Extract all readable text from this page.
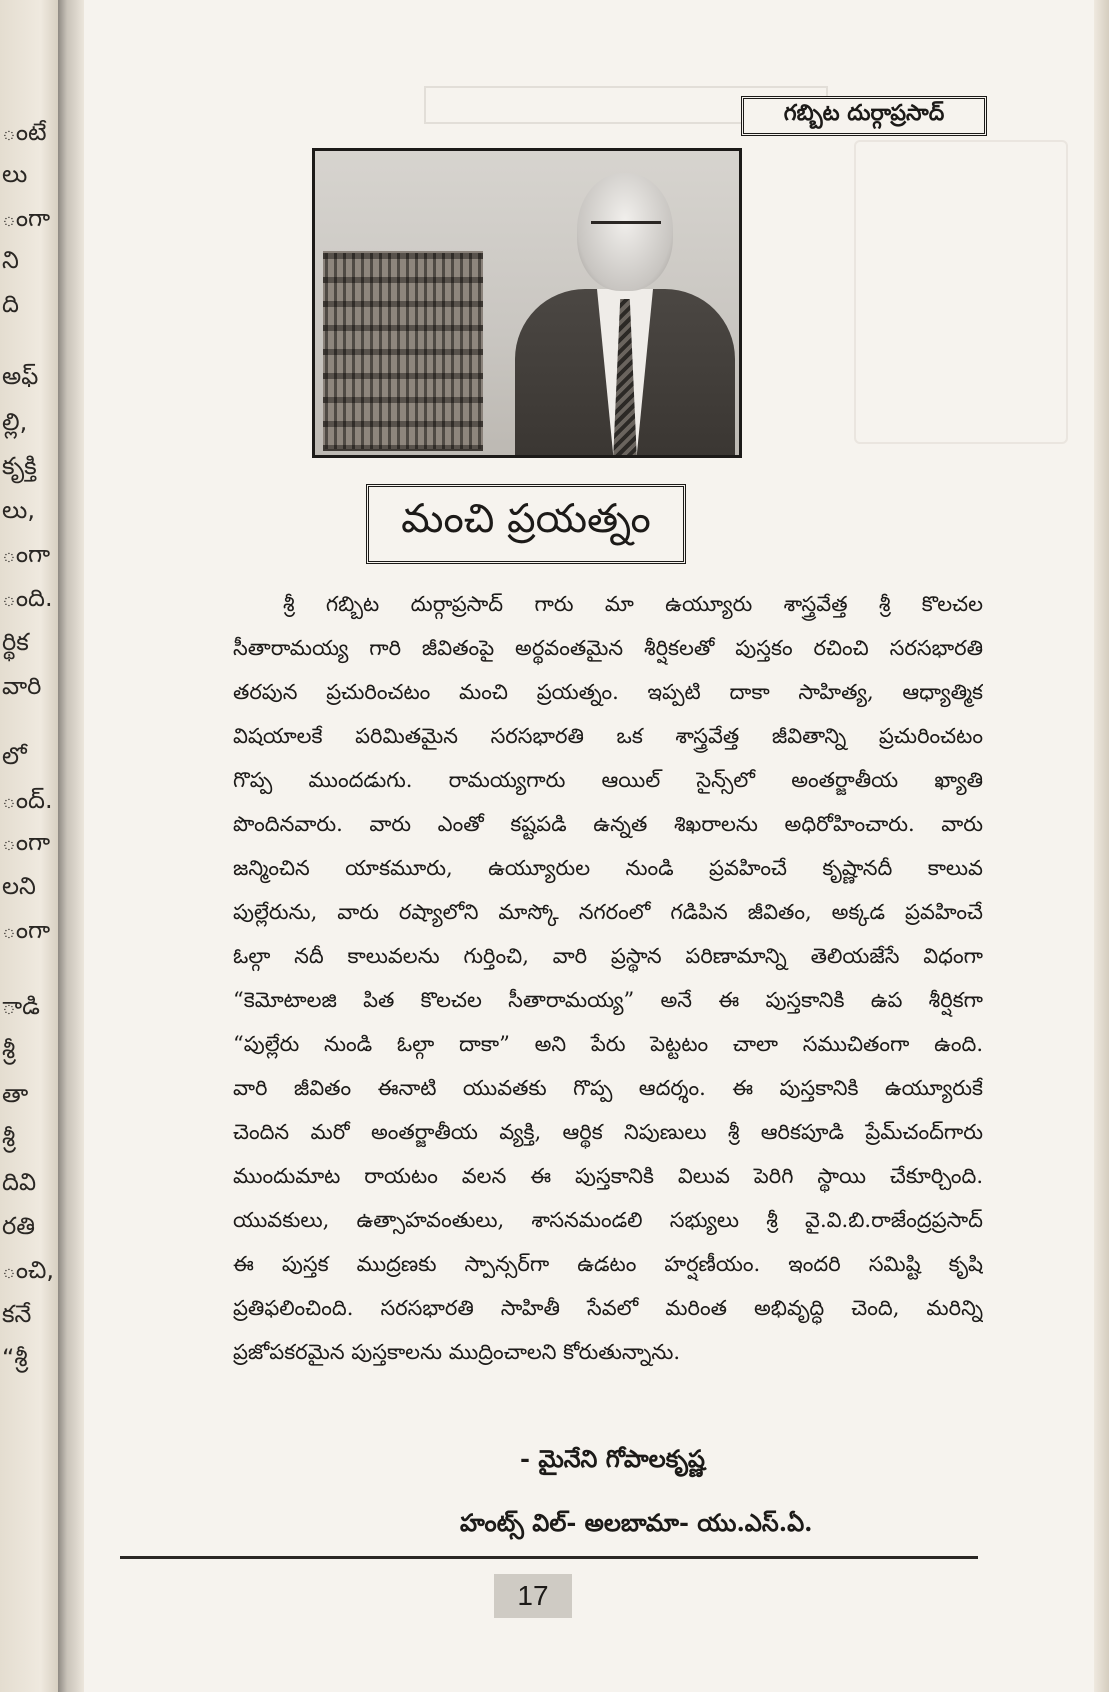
ంటే
లు
ంగా
ని
ది
అఫ్
ల్లి,
కృక్తి
లు,
ంగా
ంది.
ర్థిక
వారి
లో
ంద్.
ంగా
లని
ంగా
ాడి
శ్రీ
తా
శ్రీ
దివి
రతి
ంచి,
కనే
“శ్రీ
గబ్బిట దుర్గాప్రసాద్
మంచి ప్రయత్నం
శ్రీ గబ్బిట దుర్గాప్రసాద్ గారు మా ఉయ్యూరు శాస్త్రవేత్త శ్రీ కొలచల
సీతారామయ్య గారి జీవితంపై అర్థవంతమైన శీర్షికలతో పుస్తకం రచించి సరసభారతి
తరపున ప్రచురించటం మంచి ప్రయత్నం. ఇప్పటి దాకా సాహిత్య, ఆధ్యాత్మిక
విషయాలకే పరిమితమైన సరసభారతి ఒక శాస్త్రవేత్త జీవితాన్ని ప్రచురించటం
గొప్ప ముందడుగు. రామయ్యగారు ఆయిల్ సైన్స్‌లో అంతర్జాతీయ ఖ్యాతి
పొందినవారు. వారు ఎంతో కష్టపడి ఉన్నత శిఖరాలను అధిరోహించారు. వారు
జన్మించిన యాకమూరు, ఉయ్యూరుల నుండి ప్రవహించే కృష్ణానదీ కాలువ
పుల్లేరును, వారు రష్యాలోని మాస్కో నగరంలో గడిపిన జీవితం, అక్కడ ప్రవహించే
ఓల్గా నదీ కాలువలను గుర్తించి, వారి ప్రస్థాన పరిణామాన్ని తెలియజేసే విధంగా
“కెమోటాలజి పిత కొలచల సీతారామయ్య” అనే ఈ పుస్తకానికి ఉప శీర్షికగా
“పుల్లేరు నుండి ఓల్గా దాకా” అని పేరు పెట్టటం చాలా సముచితంగా ఉంది.
వారి జీవితం ఈనాటి యువతకు గొప్ప ఆదర్శం. ఈ పుస్తకానికి ఉయ్యూరుకే
చెందిన మరో అంతర్జాతీయ వ్యక్తి, ఆర్థిక నిపుణులు శ్రీ ఆరికపూడి ప్రేమ్‌చంద్‌గారు
ముందుమాట రాయటం వలన ఈ పుస్తకానికి విలువ పెరిగి స్థాయి చేకూర్చింది.
యువకులు, ఉత్సాహవంతులు, శాసనమండలి సభ్యులు శ్రీ వై.వి.బి.రాజేంద్రప్రసాద్
ఈ పుస్తక ముద్రణకు స్పాన్సర్‌గా ఉడటం హర్షణీయం. ఇందరి సమిష్టి కృషి
ప్రతిఫలించింది. సరసభారతి సాహితీ సేవలో మరింత అభివృద్ధి చెంది, మరిన్ని
ప్రజోపకరమైన పుస్తకాలను ముద్రించాలని కోరుతున్నాను.
- మైనేని గోపాలకృష్ణ
హంట్స్ విల్- అలబామా- యు.ఎస్.ఏ.
17
